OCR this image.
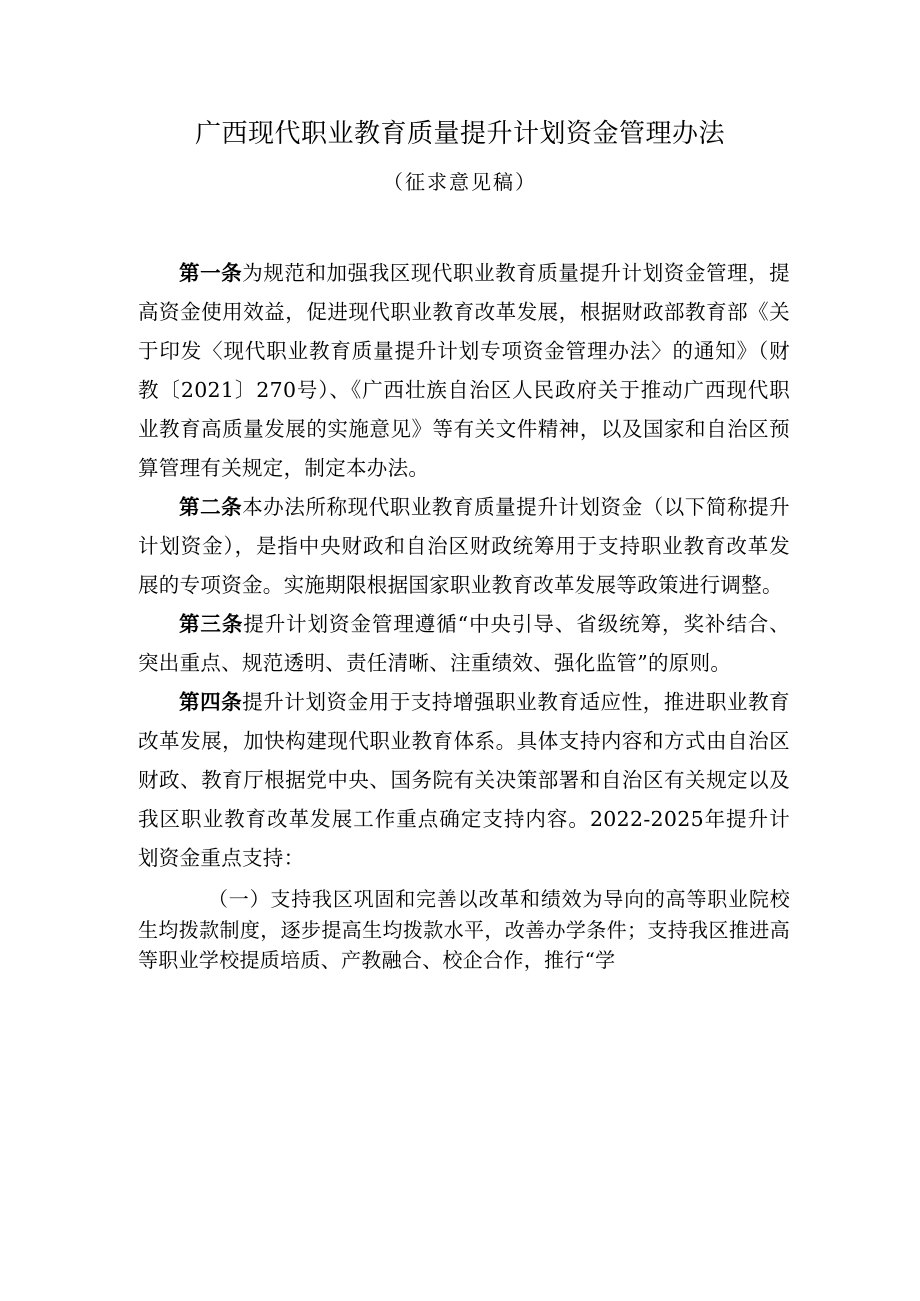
广西现代职业教育质量提升计划资金管理办法
（征求意见稿）

第一条为规范和加强我区现代职业教育质量提升计划资金管理，提高资金使用效益，促进现代职业教育改革发展，根据财政部教育部《关于印发〈现代职业教育质量提升计划专项资金管理办法〉的通知》（财教〔2021〕270号）、《广西壮族自治区人民政府关于推动广西现代职业教育高质量发展的实施意见》等有关文件精神，以及国家和自治区预算管理有关规定，制定本办法。

第二条本办法所称现代职业教育质量提升计划资金（以下简称提升计划资金），是指中央财政和自治区财政统筹用于支持职业教育改革发展的专项资金。实施期限根据国家职业教育改革发展等政策进行调整。

第三条提升计划资金管理遵循“中央引导、省级统筹，奖补结合、突出重点、规范透明、责任清晰、注重绩效、强化监管”的原则。

第四条提升计划资金用于支持增强职业教育适应性，推进职业教育改革发展，加快构建现代职业教育体系。具体支持内容和方式由自治区财政、教育厅根据党中央、国务院有关决策部署和自治区有关规定以及我区职业教育改革发展工作重点确定支持内容。2022-2025年提升计划资金重点支持：

（一）支持我区巩固和完善以改革和绩效为导向的高等职业院校生均拨款制度，逐步提高生均拨款水平，改善办学条件；支持我区推进高等职业学校提质培质、产教融合、校企合作，推行“学
